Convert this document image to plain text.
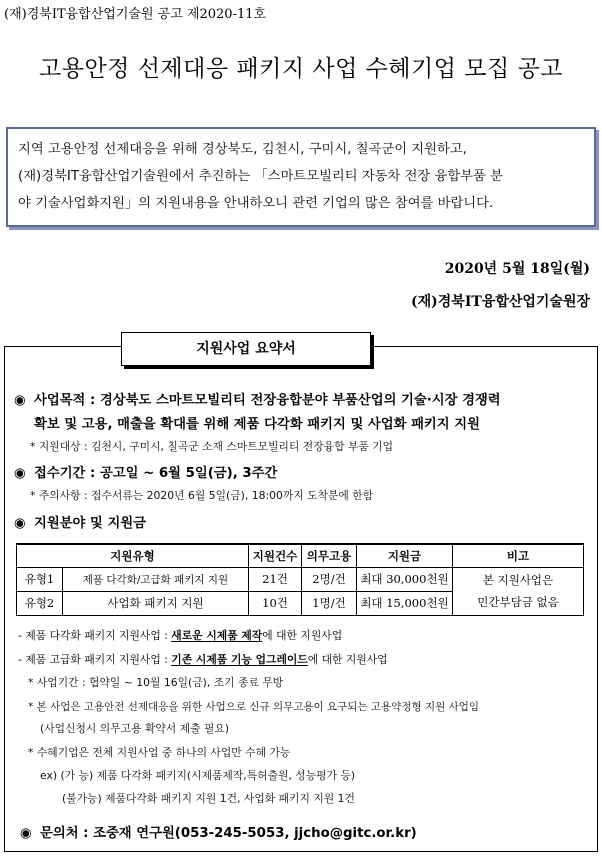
(재)경북IT융합산업기술원 공고 제2020-11호
고용안정 선제대응 패키지 사업 수혜기업 모집 공고
지역 고용안정 선제대응을 위해 경상북도, 김천시, 구미시, 칠곡군이 지원하고,
(재)경북IT융합산업기술원에서 추진하는 「스마트모빌리티 자동차 전장 융합부품 분
야 기술사업화지원」의 지원내용을 안내하오니 관련 기업의 많은 참여를 바랍니다.
2020년 5월 18일(월)
(재)경북IT융합산업기술원장
지원사업 요약서
◉ 사업목적 : 경상북도 스마트모빌리티 전장융합분야 부품산업의 기술·시장 경쟁력
확보 및 고용, 매출을 확대를 위해 제품 다각화 패키지 및 사업화 패키지 지원
* 지원대상 : 김천시, 구미시, 칠곡군 소재 스마트모빌리티 전장융합 부품 기업
◉ 접수기간 : 공고일 ~ 6월 5일(금), 3주간
* 주의사항 : 접수서류는 2020년 6월 5일(금), 18:00까지 도착분에 한함
◉ 지원분야 및 지원금
지원유형		지원건수	의무고용	지원금	비고
유형1	제품 다각화/고급화 패키지 지원	21건	2명/건	최대 30,000천원	본 지원사업은
민간부담금 없음

유형2	사업화 패키지 지원	10건	1명/건	최대 15,000천원	
- 제품 다각화 패키지 지원사업 : 새로운 시제품 제작에 대한 지원사업
- 제품 고급화 패키지 지원사업 : 기존 시제품 기능 업그레이드에 대한 지원사업
* 사업기간 : 협약일 ~ 10월 16일(금), 조기 종료 무방
* 본 사업은 고용안전 선제대응을 위한 사업으로 신규 의무고용이 요구되는 고용약정형 지원 사업임
(사업신청시 의무고용 확약서 제출 필요)
* 수혜기업은 전체 지원사업 중 하나의 사업만 수혜 가능
ex) (가 능) 제품 다각화 패키지(시제품제작,특허출원, 성능평가 등)
(불가능) 제품다각화 패키지 지원 1건, 사업화 패키지 지원 1건
◉ 문의처 : 조중재 연구원(053-245-5053, jjcho@gitc.or.kr)
